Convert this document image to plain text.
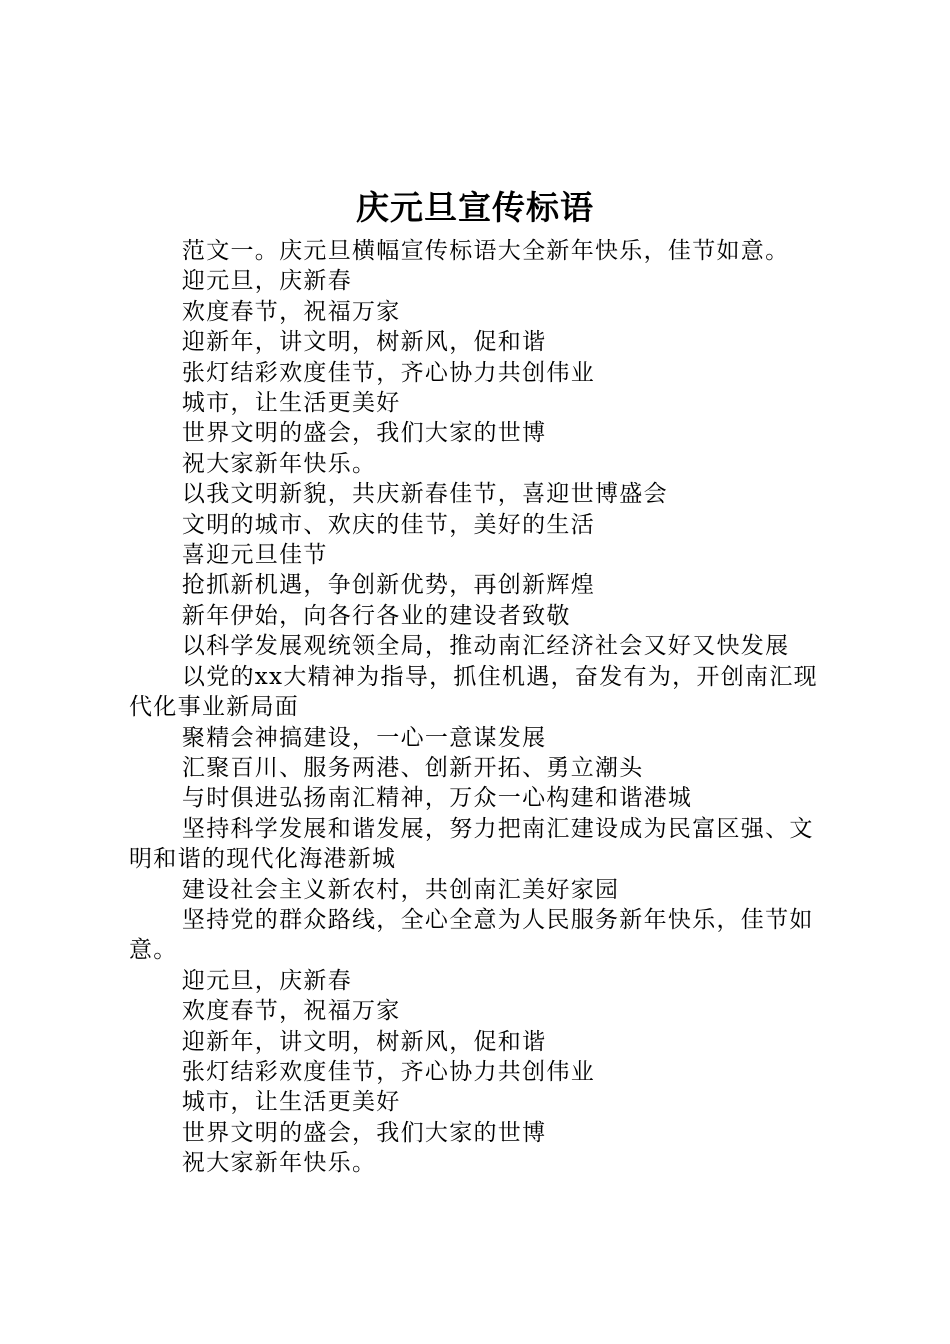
庆元旦宣传标语

范文一。庆元旦横幅宣传标语大全新年快乐，佳节如意。

迎元旦，庆新春

欢度春节，祝福万家

迎新年，讲文明，树新风，促和谐

张灯结彩欢度佳节，齐心协力共创伟业

城市，让生活更美好

世界文明的盛会，我们大家的世博

祝大家新年快乐。

以我文明新貌，共庆新春佳节，喜迎世博盛会

文明的城市、欢庆的佳节，美好的生活

喜迎元旦佳节

抢抓新机遇，争创新优势，再创新辉煌

新年伊始，向各行各业的建设者致敬

以科学发展观统领全局，推动南汇经济社会又好又快发展

以党的xx大精神为指导，抓住机遇，奋发有为，开创南汇现代化事业新局面

聚精会神搞建设，一心一意谋发展

汇聚百川、服务两港、创新开拓、勇立潮头

与时俱进弘扬南汇精神，万众一心构建和谐港城

坚持科学发展和谐发展，努力把南汇建设成为民富区强、文明和谐的现代化海港新城

建设社会主义新农村，共创南汇美好家园

坚持党的群众路线，全心全意为人民服务新年快乐，佳节如意。

迎元旦，庆新春

欢度春节，祝福万家

迎新年，讲文明，树新风，促和谐

张灯结彩欢度佳节，齐心协力共创伟业

城市，让生活更美好

世界文明的盛会，我们大家的世博

祝大家新年快乐。
